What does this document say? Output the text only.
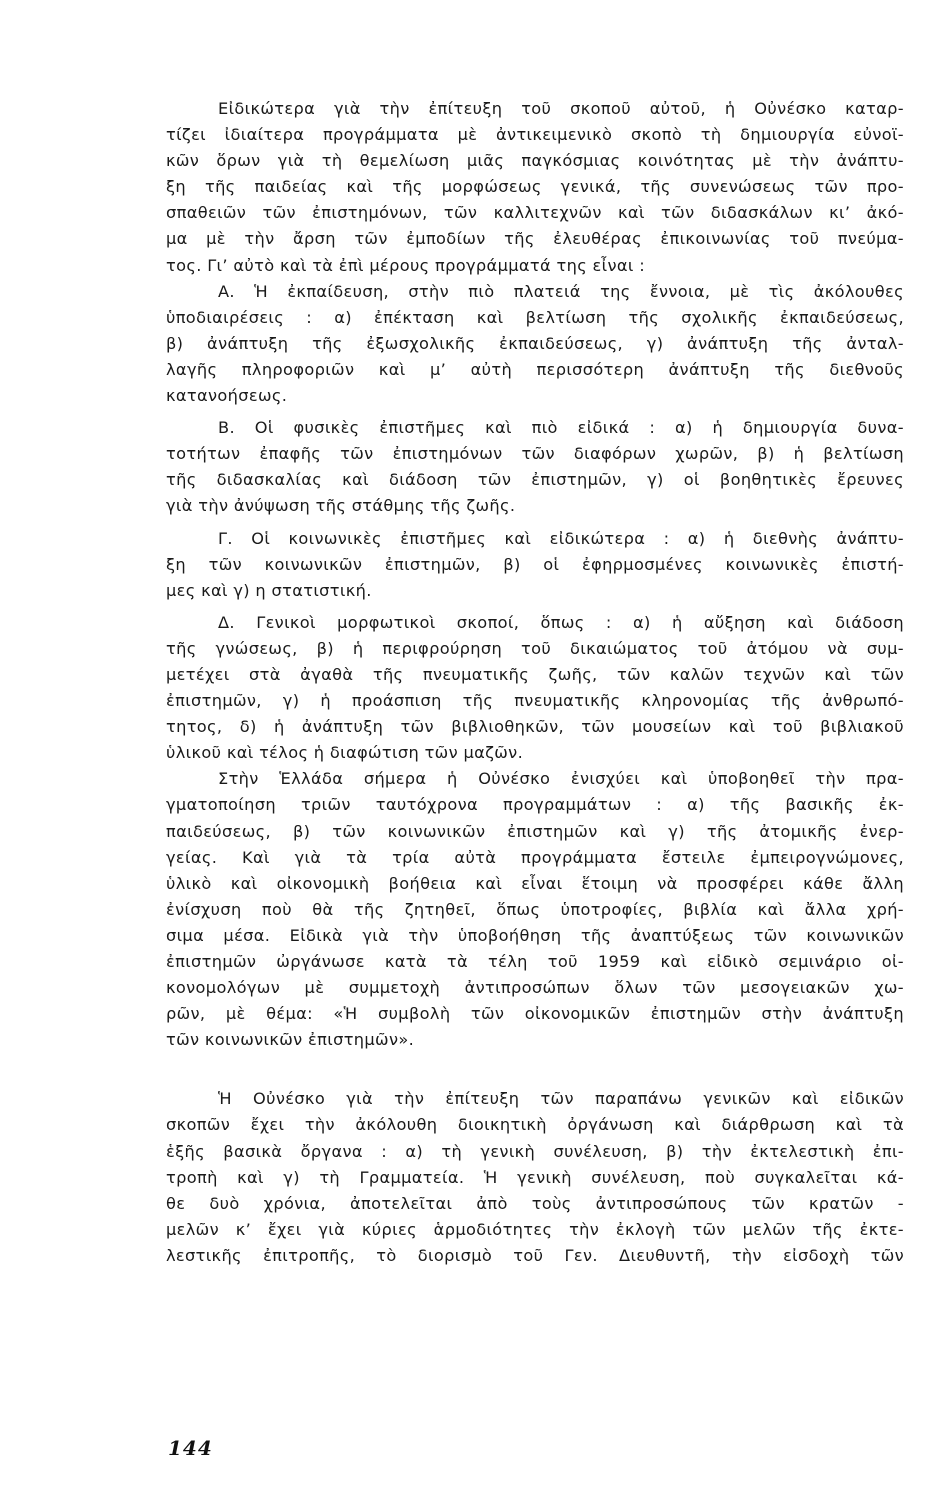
Εἰδικώτερα γιὰ τὴν ἐπίτευξη τοῦ σκοποῦ αὐτοῦ, ἡ Οὐνέσκο καταρ-
τίζει ἰδιαίτερα προγράμματα μὲ ἀντικειμενικὸ σκοπὸ τὴ δημιουργία εὐνοϊ-
κῶν ὅρων γιὰ τὴ θεμελίωση μιᾶς παγκόσμιας κοινότητας μὲ τὴν ἀνάπτυ-
ξη τῆς παιδείας καὶ τῆς μορφώσεως γενικά, τῆς συνενώσεως τῶν προ-
σπαθειῶν τῶν ἐπιστημόνων, τῶν καλλιτεχνῶν καὶ τῶν διδασκάλων κι’ ἀκό-
μα μὲ τὴν ἄρση τῶν ἐμποδίων τῆς ἐλευθέρας ἐπικοινωνίας τοῦ πνεύμα-
τος. Γι’ αὐτὸ καὶ τὰ ἐπὶ μέρους προγράμματά της εἶναι :
Α. Ἡ ἐκπαίδευση, στὴν πιὸ πλατειά της ἔννοια, μὲ τὶς ἀκόλουθες
ὑποδιαιρέσεις : α) ἐπέκταση καὶ βελτίωση τῆς σχολικῆς ἐκπαιδεύσεως,
β) ἀνάπτυξη τῆς ἐξωσχολικῆς ἐκπαιδεύσεως, γ) ἀνάπτυξη τῆς ἀνταλ-
λαγῆς πληροφοριῶν καὶ μ’ αὐτὴ περισσότερη ἀνάπτυξη τῆς διεθνοῦς
κατανοήσεως.
Β. Οἱ φυσικὲς ἐπιστῆμες καὶ πιὸ εἰδικά : α) ἡ δημιουργία δυνα-
τοτήτων ἐπαφῆς τῶν ἐπιστημόνων τῶν διαφόρων χωρῶν, β) ἡ βελτίωση
τῆς διδασκαλίας καὶ διάδοση τῶν ἐπιστημῶν, γ) οἱ βοηθητικὲς ἔρευνες
γιὰ τὴν ἀνύψωση τῆς στάθμης τῆς ζωῆς.
Γ. Οἱ κοινωνικὲς ἐπιστῆμες καὶ εἰδικώτερα : α) ἡ διεθνὴς ἀνάπτυ-
ξη τῶν κοινωνικῶν ἐπιστημῶν, β) οἱ ἐφηρμοσμένες κοινωνικὲς ἐπιστή-
μες καὶ γ) η στατιστική.
Δ. Γενικοὶ μορφωτικοὶ σκοποί, ὅπως : α) ἡ αὔξηση καὶ διάδοση
τῆς γνώσεως, β) ἡ περιφρούρηση τοῦ δικαιώματος τοῦ ἀτόμου νὰ συμ-
μετέχει στὰ ἀγαθὰ τῆς πνευματικῆς ζωῆς, τῶν καλῶν τεχνῶν καὶ τῶν
ἐπιστημῶν, γ) ἡ προάσπιση τῆς πνευματικῆς κληρονομίας τῆς ἀνθρωπό-
τητος, δ) ἡ ἀνάπτυξη τῶν βιβλιοθηκῶν, τῶν μουσείων καὶ τοῦ βιβλιακοῦ
ὑλικοῦ καὶ τέλος ἡ διαφώτιση τῶν μαζῶν.
Στὴν Ἑλλάδα σήμερα ἡ Οὐνέσκο ἐνισχύει καὶ ὑποβοηθεῖ τὴν πρα-
γματοποίηση τριῶν ταυτόχρονα προγραμμάτων : α) τῆς βασικῆς ἐκ-
παιδεύσεως, β) τῶν κοινωνικῶν ἐπιστημῶν καὶ γ) τῆς ἀτομικῆς ἐνερ-
γείας. Καὶ γιὰ τὰ τρία αὐτὰ προγράμματα ἔστειλε ἐμπειρογνώμονες,
ὑλικὸ καὶ οἰκονομικὴ βοήθεια καὶ εἶναι ἕτοιμη νὰ προσφέρει κάθε ἄλλη
ἐνίσχυση ποὺ θὰ τῆς ζητηθεῖ, ὅπως ὑποτροφίες, βιβλία καὶ ἄλλα χρή-
σιμα μέσα. Εἰδικὰ γιὰ τὴν ὑποβοήθηση τῆς ἀναπτύξεως τῶν κοινωνικῶν
ἐπιστημῶν ὠργάνωσε κατὰ τὰ τέλη τοῦ 1959 καὶ εἰδικὸ σεμινάριο οἰ-
κονομολόγων μὲ συμμετοχὴ ἀντιπροσώπων ὅλων τῶν μεσογειακῶν χω-
ρῶν, μὲ θέμα: «Ἡ συμβολὴ τῶν οἰκονομικῶν ἐπιστημῶν στὴν ἀνάπτυξη
τῶν κοινωνικῶν ἐπιστημῶν».
Ἡ Οὐνέσκο γιὰ τὴν ἐπίτευξη τῶν παραπάνω γενικῶν καὶ εἰδικῶν
σκοπῶν ἔχει τὴν ἀκόλουθη διοικητικὴ ὀργάνωση καὶ διάρθρωση καὶ τὰ
ἑξῆς βασικὰ ὄργανα : α) τὴ γενικὴ συνέλευση, β) τὴν ἐκτελεστικὴ ἐπι-
τροπὴ καὶ γ) τὴ Γραμματεία. Ἡ γενικὴ συνέλευση, ποὺ συγκαλεῖται κά-
θε δυὸ χρόνια, ἀποτελεῖται ἀπὸ τοὺς ἀντιπροσώπους τῶν κρατῶν -
μελῶν κ’ ἔχει γιὰ κύριες ἁρμοδιότητες τὴν ἐκλογὴ τῶν μελῶν τῆς ἐκτε-
λεστικῆς ἐπιτροπῆς, τὸ διορισμὸ τοῦ Γεν. Διευθυντῆ, τὴν εἰσδοχὴ τῶν
144
